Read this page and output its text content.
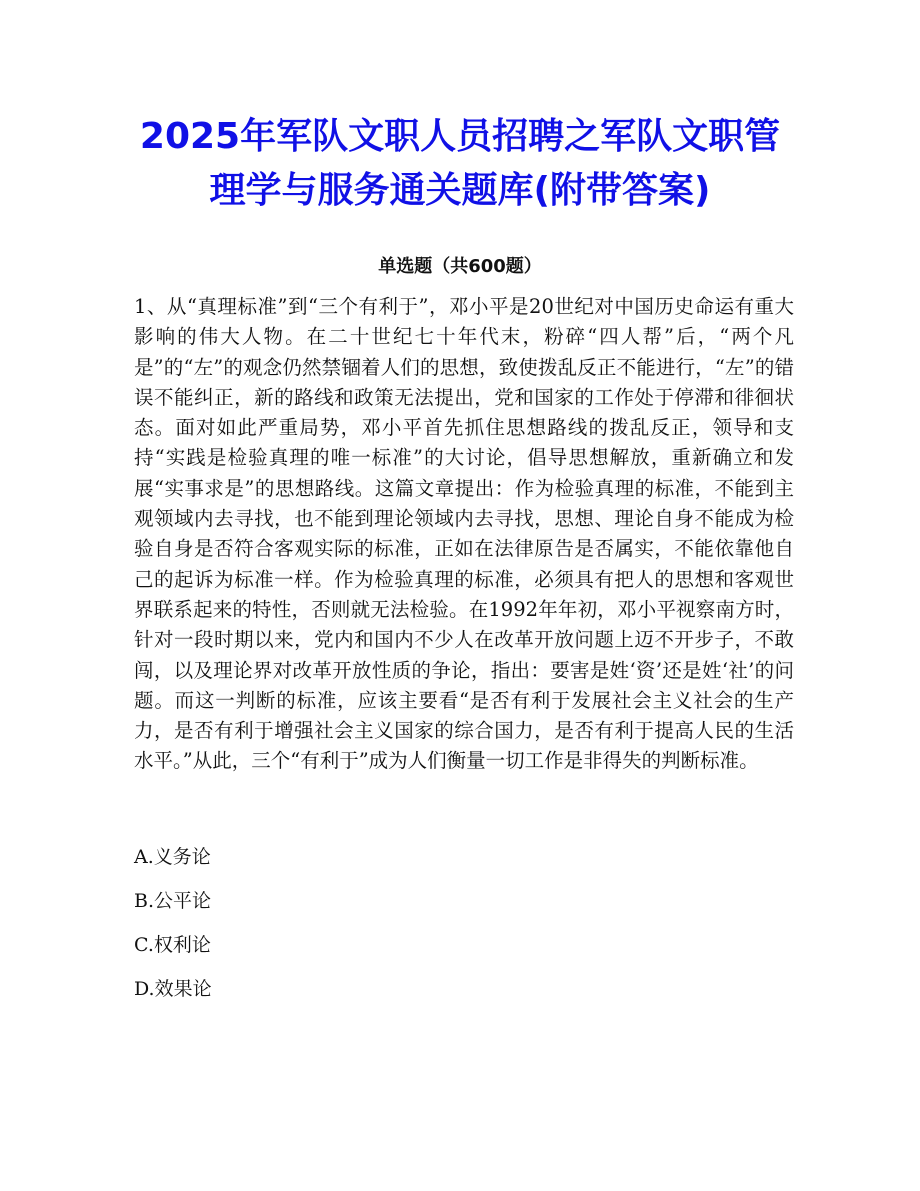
2025年军队文职人员招聘之军队文职管
理学与服务通关题库(附带答案)
单选题（共600题）

1、从“真理标准”到“三个有利于”，邓小平是20世纪对中国历史命运有重大影响的伟大人物。在二十世纪七十年代末，粉碎“四人帮”后，“两个凡是”的“左”的观念仍然禁锢着人们的思想，致使拨乱反正不能进行，“左”的错误不能纠正，新的路线和政策无法提出，党和国家的工作处于停滞和徘徊状态。面对如此严重局势，邓小平首先抓住思想路线的拨乱反正，领导和支持“实践是检验真理的唯一标准”的大讨论，倡导思想解放，重新确立和发展“实事求是”的思想路线。这篇文章提出：作为检验真理的标准，不能到主观领域内去寻找，也不能到理论领域内去寻找，思想、理论自身不能成为检验自身是否符合客观实际的标准，正如在法律原告是否属实，不能依靠他自己的起诉为标准一样。作为检验真理的标准，必须具有把人的思想和客观世界联系起来的特性，否则就无法检验。在1992年年初，邓小平视察南方时，针对一段时期以来，党内和国内不少人在改革开放问题上迈不开步子，不敢闯，以及理论界对改革开放性质的争论，指出：要害是姓‘资’还是姓‘社’的问题。而这一判断的标准，应该主要看“是否有利于发展社会主义社会的生产力，是否有利于增强社会主义国家的综合国力，是否有利于提高人民的生活水平。”从此，三个“有利于”成为人们衡量一切工作是非得失的判断标准。

A.义务论
B.公平论
C.权利论
D.效果论
